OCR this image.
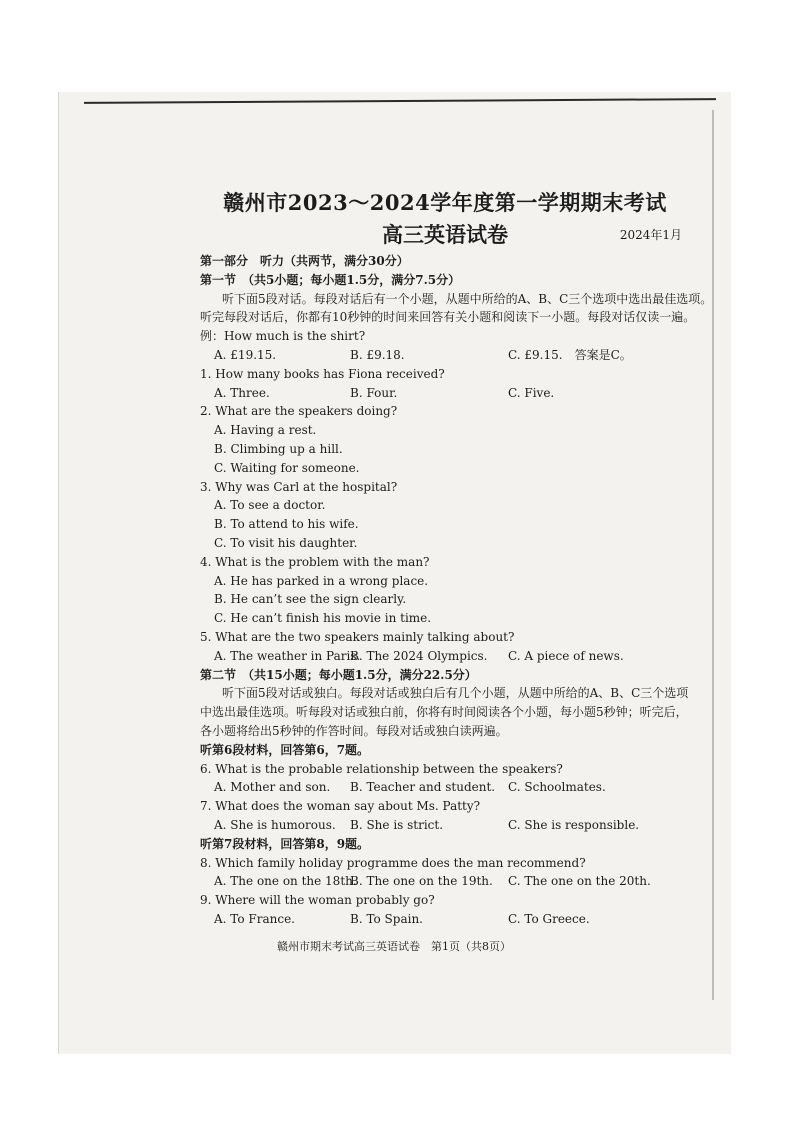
赣州市2023～2024学年度第一学期期末考试
高三英语试卷	2024年1月
第一部分　听力（共两节，满分30分）
第一节　（共5小题；每小题1.5分，满分7.5分）
听下面5段对话。每段对话后有一个小题，从题中所给的A、B、C三个选项中选出最佳选项。
听完每段对话后，你都有10秒钟的时间来回答有关小题和阅读下一小题。每段对话仅读一遍。
例：How much is the shirt?
A. £19.15.	B. £9.18.	C. £9.15.　 答案是C。
1. How many books has Fiona received?
A. Three.	B. Four.	C. Five.
2. What are the speakers doing?
A. Having a rest.
B. Climbing up a hill.
C. Waiting for someone.
3. Why was Carl at the hospital?
A. To see a doctor.
B. To attend to his wife.
C. To visit his daughter.
4. What is the problem with the man?
A. He has parked in a wrong place.
B. He can’t see the sign clearly.
C. He can’t finish his movie in time.
5. What are the two speakers mainly talking about?
A. The weather in Paris.
B. The 2024 Olympics. C. A piece of news.
第二节　（共15小题；每小题1.5分，满分22.5分）
听下面5段对话或独白。每段对话或独白后有几个小题，从题中所给的A、B、C三个选项
中选出最佳选项。听每段对话或独白前，你将有时间阅读各个小题，每小题5秒钟；听完后，
各小题将给出5秒钟的作答时间。每段对话或独白读两遍。
听第6段材料，回答第6，7题。
6. What is the probable relationship between the speakers?
A. Mother and son. B. Teacher and student. C. Schoolmates.
7. What does the woman say about Ms. Patty?
A. She is humorous. B. She is strict.	C. She is responsible.
听第7段材料，回答第8，9题。
8. Which family holiday programme does the man recommend?
A. The one on the 18th.
B. The one on the 19th. C. The one on the 20th.
9. Where will the woman probably go?
A. To France.	B. To Spain.	C. To Greece.
赣州市期末考试高三英语试卷　第1页（共8页）
